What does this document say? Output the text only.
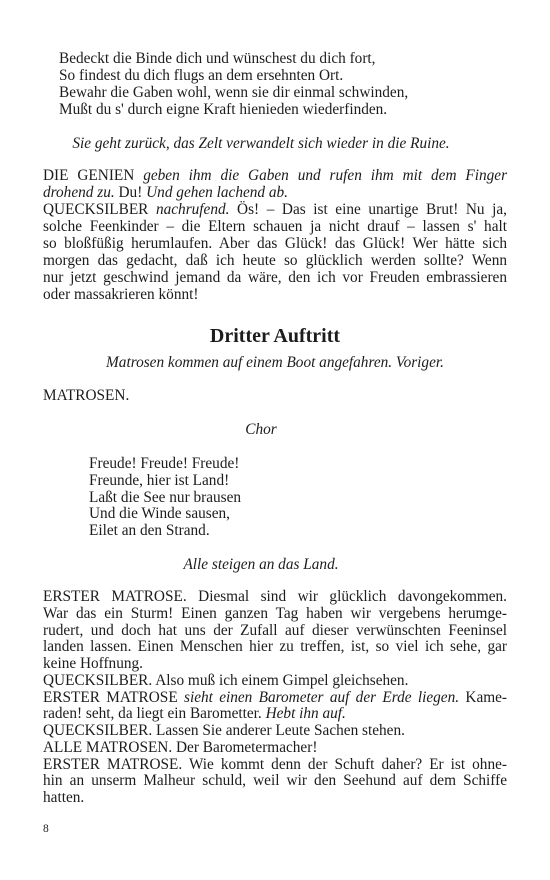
Bedeckt die Binde dich und wünschest du dich fort,
So findest du dich flugs an dem ersehnten Ort.
Bewahr die Gaben wohl, wenn sie dir einmal schwinden,
Mußt du s' durch eigne Kraft hienieden wiederfinden.
Sie geht zurück, das Zelt verwandelt sich wieder in die Ruine.
DIE GENIEN geben ihm die Gaben und rufen ihm mit dem Finger
drohend zu. Du! Und gehen lachend ab.
QUECKSILBER nachrufend. Ös! – Das ist eine unartige Brut! Nu ja,
solche Feenkinder – die Eltern schauen ja nicht drauf – lassen s' halt
so bloßfüßig herumlaufen. Aber das Glück! das Glück! Wer hätte sich
morgen das gedacht, daß ich heute so glücklich werden sollte? Wenn
nur jetzt geschwind jemand da wäre, den ich vor Freuden embrassieren
oder massakrieren könnt!
Dritter Auftritt
Matrosen kommen auf einem Boot angefahren. Voriger.
MATROSEN.
Chor
Freude! Freude! Freude!
Freunde, hier ist Land!
Laßt die See nur brausen
Und die Winde sausen,
Eilet an den Strand.
Alle steigen an das Land.
ERSTER MATROSE. Diesmal sind wir glücklich davongekommen.
War das ein Sturm! Einen ganzen Tag haben wir vergebens herumge-
rudert, und doch hat uns der Zufall auf dieser verwünschten Feeninsel
landen lassen. Einen Menschen hier zu treffen, ist, so viel ich sehe, gar
keine Hoffnung.
QUECKSILBER. Also muß ich einem Gimpel gleichsehen.
ERSTER MATROSE sieht einen Barometer auf der Erde liegen. Kame-
raden! seht, da liegt ein Barometter. Hebt ihn auf.
QUECKSILBER. Lassen Sie anderer Leute Sachen stehen.
ALLE MATROSEN. Der Barometermacher!
ERSTER MATROSE. Wie kommt denn der Schuft daher? Er ist ohne-
hin an unserm Malheur schuld, weil wir den Seehund auf dem Schiffe
hatten.
8
